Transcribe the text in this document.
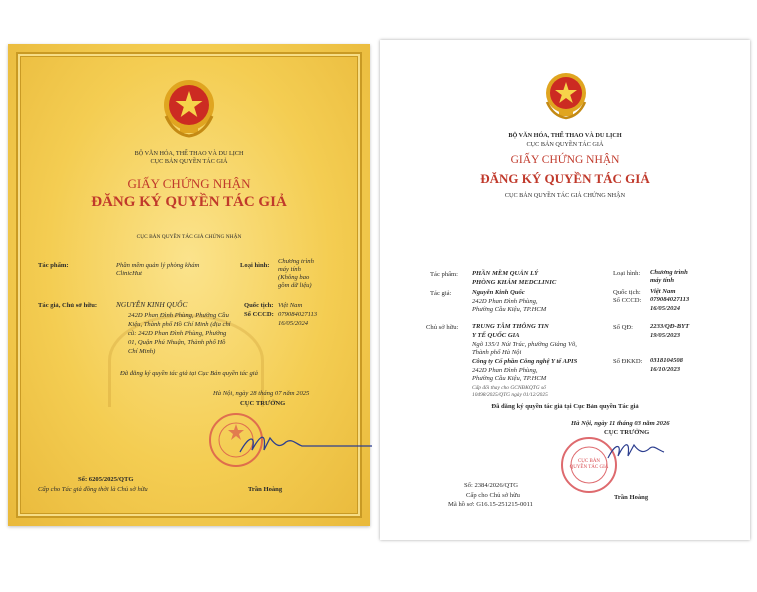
BỘ VĂN HÓA, THỂ THAO VÀ DU LỊCH
CỤC BẢN QUYỀN TÁC GIẢ
GIẤY CHỨNG NHẬN
ĐĂNG KÝ QUYỀN TÁC GIẢ
CỤC BẢN QUYỀN TÁC GIẢ CHỨNG NHẬN
Tác phẩm:	Phần mềm quản lý phòng khám
ClinicHut
Loại hình:
Chương trình
máy tính
(Không bao
gồm dữ liệu)
Tác giả, Chủ sở hữu:	NGUYỄN KINH QUỐC
242D Phan Đình Phùng, Phường Cầu
Kiệu, Thành phố Hồ Chí Minh (địa chỉ
cũ: 242D Phan Đình Phùng, Phường
01, Quận Phú Nhuận, Thành phố Hồ
Chí Minh)
Quốc tịch: Việt Nam
Số CCCD: 079084027113
16/05/2024
Đã đăng ký quyền tác giả tại Cục Bản quyền tác giả
Hà Nội, ngày 28 tháng 07 năm 2025
CỤC TRƯỞNG
Số: 6205/2025/QTG
Cấp cho Tác giả đồng thời là Chủ sở hữu	Trần Hoàng
BỘ VĂN HÓA, THỂ THAO VÀ DU LỊCH
CỤC BẢN QUYỀN TÁC GIẢ
GIẤY CHỨNG NHẬN
ĐĂNG KÝ QUYỀN TÁC GIẢ
CỤC BẢN QUYỀN TÁC GIẢ CHỨNG NHẬN
Tác phẩm: PHẦN MỀM QUẢN LÝ
PHÒNG KHÁM MEDCLINIC
Loại hình: Chương trình
máy tính
Tác giả:	Nguyễn Kinh Quốc
242D Phan Đình Phùng,
Phường Cầu Kiệu, TP.HCM
Quốc tịch: Việt Nam
Số CCCD: 079084027113
16/05/2024
Chủ sở hữu: TRUNG TÂM THÔNG TIN
Y TẾ QUỐC GIA
Ngõ 135/1 Núi Trúc, phường Giảng Võ,
Thành phố Hà Nội
Số QĐ:	2233/QĐ-BYT
19/05/2023
Công ty Cổ phần Công nghệ Y tế APIS
242D Phan Đình Phùng,
Phường Cầu Kiệu, TP.HCM
Số ĐKKD: 0318104508
16/10/2023
Cấp đổi thay cho GCNĐKQTG số
10498/2025/QTG ngày 01/12/2025
Đã đăng ký quyền tác giả tại Cục Bản quyền Tác giả
Hà Nội, ngày 11 tháng 03 năm 2026
CỤC TRƯỞNG
CỤC BẢN QUYỀN TÁC GIẢ
Số: 2384/2026/QTG
Cấp cho Chủ sở hữu
Mã hồ sơ: G16.15-251215-0011
Trần Hoàng
